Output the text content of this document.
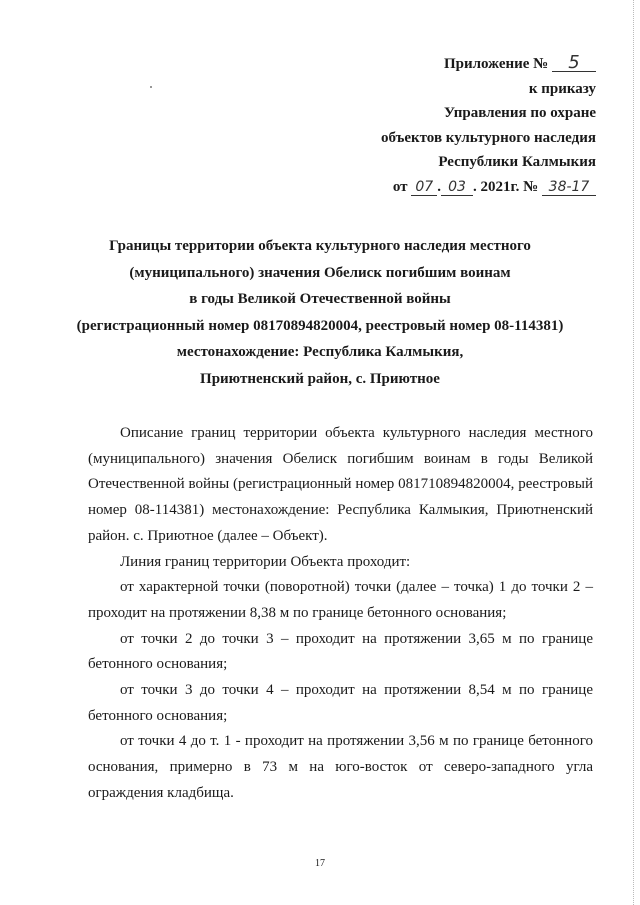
Приложение № 5
к приказу
Управления по охране
объектов культурного наследия
Республики Калмыкия
от 07 . 03 . 2021г. № 38-17
Границы территории объекта культурного наследия местного
(муниципального) значения Обелиск погибшим воинам
в годы Великой Отечественной войны
(регистрационный номер 08170894820004, реестровый номер 08-114381)
местонахождение: Республика Калмыкия,
Приютненский район, с. Приютное

Описание границ территории объекта культурного наследия местного (муниципального) значения Обелиск погибшим воинам в годы Великой Отечественной войны (регистрационный номер 081710894820004, реестровый номер 08-114381) местонахождение: Республика Калмыкия, Приютненский район. с. Приютное (далее – Объект).

Линия границ территории Объекта проходит:

от характерной точки (поворотной) точки (далее – точка) 1 до точки 2 – проходит на протяжении 8,38 м по границе бетонного основания;

от точки 2 до точки 3 – проходит на протяжении 3,65 м по границе бетонного основания;

от точки 3 до точки 4 – проходит на протяжении 8,54 м по границе бетонного основания;

от точки 4 до т. 1 - проходит на протяжении 3,56 м по границе бетонного основания, примерно в 73 м на юго-восток от северо-западного угла ограждения кладбища.

17
